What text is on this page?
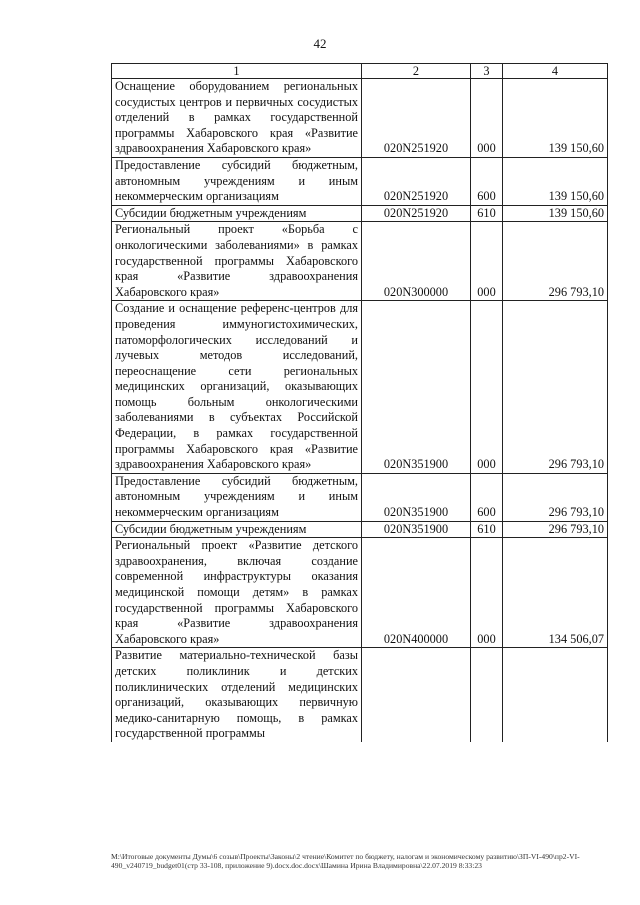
42
1	2	3	4
Оснащение оборудованием региональных сосудистых центров и первичных сосудистых отделений в рамках государственной программы Хабаровского края «Развитие здравоохранения Хабаровского края»	020N251920	000	139 150,60
Предоставление субсидий бюджетным, автономным учреждениям и иным некоммерческим организациям	020N251920	600	139 150,60
Субсидии бюджетным учреждениям	020N251920	610	139 150,60
Региональный проект «Борьба с онкологическими заболеваниями» в рамках государственной программы Хабаровского края «Развитие здравоохранения Хабаровского края»	020N300000	000	296 793,10
Создание и оснащение референс-центров для проведения иммуногистохимических, патоморфологических исследований и лучевых методов исследований, переоснащение сети региональных медицинских организаций, оказывающих помощь больным онкологическими заболеваниями в субъектах Российской Федерации, в рамках государственной программы Хабаровского края «Развитие здравоохранения Хабаровского края»	020N351900	000	296 793,10
Предоставление субсидий бюджетным, автономным учреждениям и иным некоммерческим организациям	020N351900	600	296 793,10
Субсидии бюджетным учреждениям	020N351900	610	296 793,10
Региональный проект «Развитие детского здравоохранения, включая создание современной инфраструктуры оказания медицинской помощи детям» в рамках государственной программы Хабаровского края «Развитие здравоохранения Хабаровского края»	020N400000	000	134 506,07
Развитие материально-технической базы детских поликлиник и детских поликлинических отделений медицинских организаций, оказывающих первичную медико-санитарную помощь, в рамках государственной программы			
М:\Итоговые документы Думы\6 созыв\Проекты\Законы\2 чтение\Комитет по бюджету, налогам и экономическому развитию\ЗП-VI-490\пр2-VI-490_v240719_budget01(стр 33-108, приложение 9).docx.doc.docx\Шамина Ирина Владимировна\22.07.2019 8:33:23
